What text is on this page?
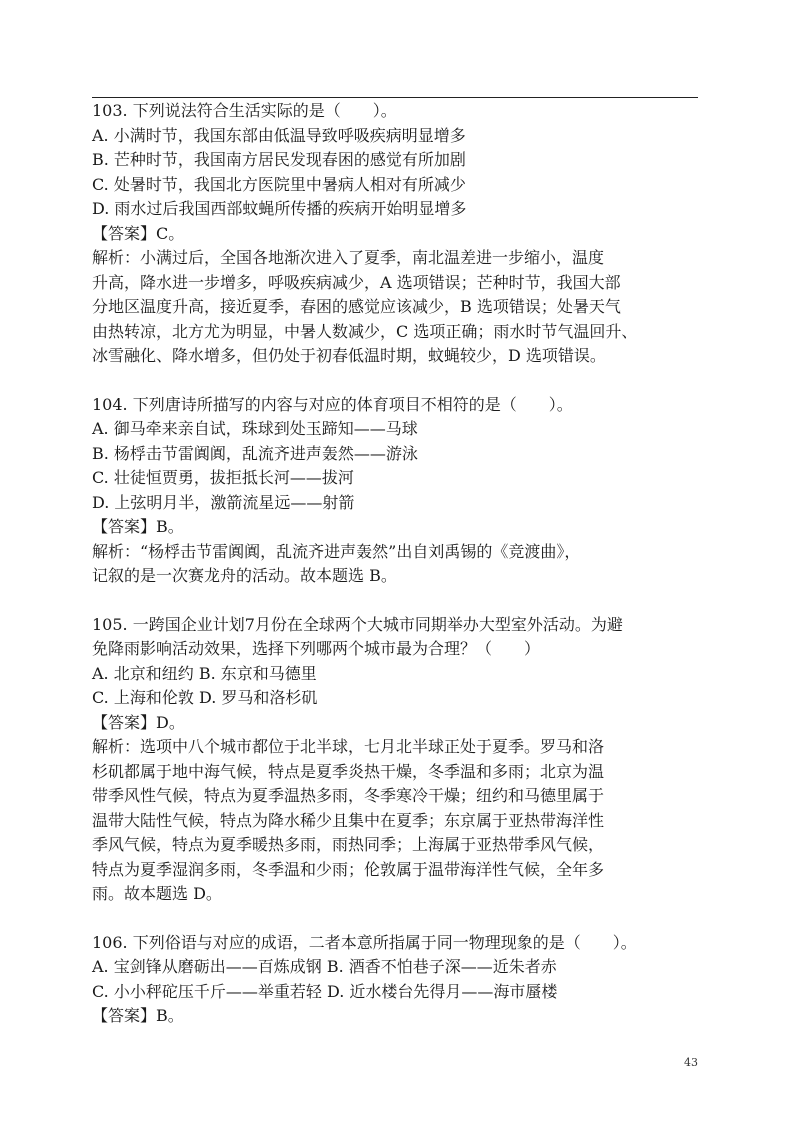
103. 下列说法符合生活实际的是（　　）。
A. 小满时节，我国东部由低温导致呼吸疾病明显增多
B. 芒种时节，我国南方居民发现春困的感觉有所加剧
C. 处暑时节，我国北方医院里中暑病人相对有所减少
D. 雨水过后我国西部蚊蝇所传播的疾病开始明显增多
【答案】C。
解析：小满过后，全国各地渐次进入了夏季，南北温差进一步缩小，温度
升高，降水进一步增多，呼吸疾病减少，A 选项错误；芒种时节，我国大部
分地区温度升高，接近夏季，春困的感觉应该减少，B 选项错误；处暑天气
由热转凉，北方尤为明显，中暑人数减少，C 选项正确；雨水时节气温回升、
冰雪融化、降水增多，但仍处于初春低温时期，蚊蝇较少，D 选项错误。
104. 下列唐诗所描写的内容与对应的体育项目不相符的是（　　）。
A. 御马牵来亲自试，珠球到处玉蹄知——马球
B. 杨桴击节雷阗阗，乱流齐进声轰然——游泳
C. 壮徒恒贾勇，拔拒抵长河——拔河
D. 上弦明月半，激箭流星远——射箭
【答案】B。
解析：“杨桴击节雷阗阗，乱流齐进声轰然”出自刘禹锡的《竞渡曲》，
记叙的是一次赛龙舟的活动。故本题选 B。
105. 一跨国企业计划7月份在全球两个大城市同期举办大型室外活动。为避
免降雨影响活动效果，选择下列哪两个城市最为合理？（　　）
A. 北京和纽约 B. 东京和马德里
C. 上海和伦敦 D. 罗马和洛杉矶
【答案】D。
解析：选项中八个城市都位于北半球，七月北半球正处于夏季。罗马和洛
杉矶都属于地中海气候，特点是夏季炎热干燥，冬季温和多雨；北京为温
带季风性气候，特点为夏季温热多雨，冬季寒冷干燥；纽约和马德里属于
温带大陆性气候，特点为降水稀少且集中在夏季；东京属于亚热带海洋性
季风气候，特点为夏季暖热多雨，雨热同季；上海属于亚热带季风气候，
特点为夏季湿润多雨，冬季温和少雨；伦敦属于温带海洋性气候，全年多
雨。故本题选 D。
106. 下列俗语与对应的成语，二者本意所指属于同一物理现象的是（　　）。
A. 宝剑锋从磨砺出——百炼成钢 B. 酒香不怕巷子深——近朱者赤
C. 小小秤砣压千斤——举重若轻 D. 近水楼台先得月——海市蜃楼
【答案】B。
43
